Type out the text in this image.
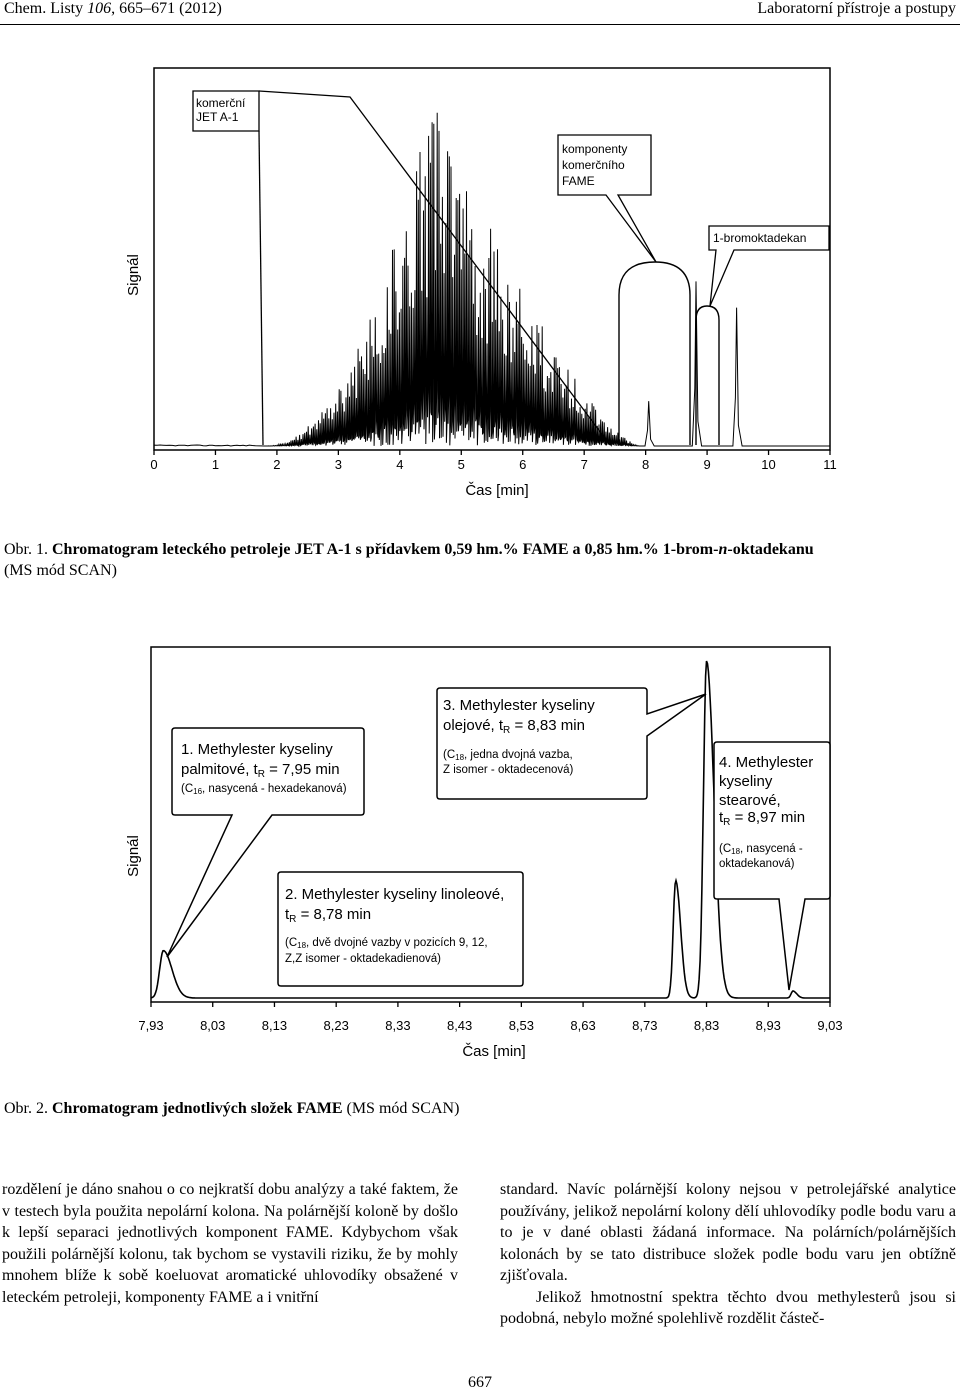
Chem. Listy 106, 665–671 (2012)	Laboratorní přístroje a postupy
0	1	2	3	4	5	6	7	8	9	10	11
Čas [min]
Signál
komerční JET A-1
komponenty komerčního FAME
1-bromoktadekan
Obr. 1. Chromatogram leteckého petroleje JET A-1 s přídavkem 0,59 hm.% FAME a 0,85 hm.% 1-brom-n-oktadekanu
(MS mód SCAN)
7,93	8,03	8,13	8,23	8,33	8,43	8,53	8,63	8,73	8,83	8,93	9,03
Čas [min]
Signál
1. Methylester kyseliny palmitové, $t_R = 7,95$ min (C16, nasycená - hexadekanová)
2. Methylester kyseliny linoleové, $t_R = 8,78$ min (C18, dvě dvojné vazby v pozicích 9, 12, Z,Z isomer - oktadekadienová)
3. Methylester kyseliny olejové, $t_R = 8,83$ min (C18, jedna dvojná vazba, Z isomer - oktadecenová)	4. Methylester kyseliny stearové, $t_R = 8,97$ min (C18, nasycená - oktadekanová)
Obr. 2. Chromatogram jednotlivých složek FAME (MS mód SCAN)

rozdělení je dáno snahou o co nejkratší dobu analýzy a také faktem, že v testech byla použita nepolární kolona. Na polárnější koloně by došlo k lepší separaci jednotlivých komponent FAME. Kdybychom však použili polárnější kolonu, tak bychom se vystavili riziku, že by mohly mnohem blíže k sobě koeluovat aromatické uhlovodíky obsažené v leteckém petroleji, komponenty FAME a i vnitřní

standard. Navíc polárnější kolony nejsou v petrolejářské analytice používány, jelikož nepolární kolony dělí uhlovodíky podle bodu varu a to je v dané oblasti žádaná informace. Na polárních/polárnějších kolonách by se tato distribuce složek podle bodu varu jen obtížně zjišťovala.

Jelikož hmotnostní spektra těchto dvou methylesterů jsou si podobná, nebylo možné spolehlivě rozdělit částeč-

667
